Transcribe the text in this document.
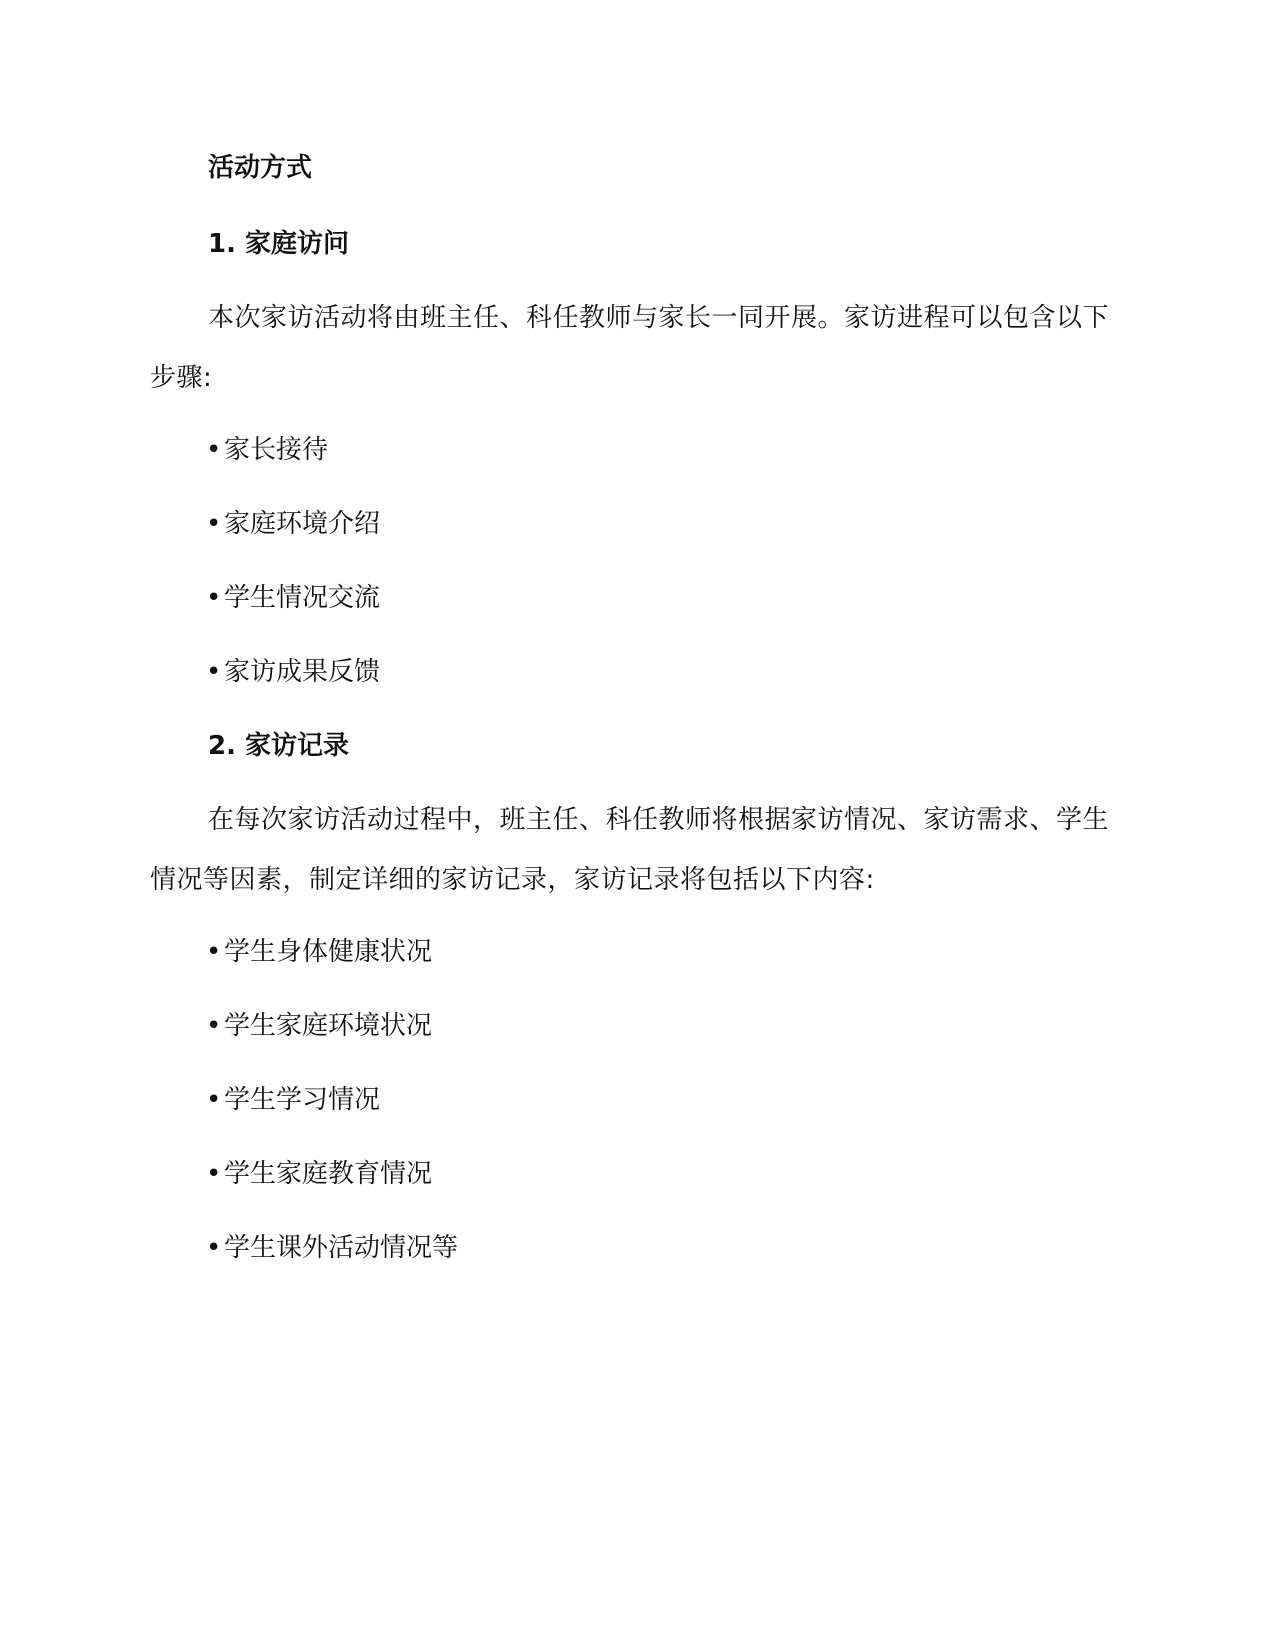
活动方式
1. 家庭访问
本次家访活动将由班主任、科任教师与家长一同开展。家访进程可以包含以下步骤:
• 家长接待
• 家庭环境介绍
• 学生情况交流
• 家访成果反馈
2. 家访记录
在每次家访活动过程中，班主任、科任教师将根据家访情况、家访需求、学生情况等因素，制定详细的家访记录，家访记录将包括以下内容:
• 学生身体健康状况
• 学生家庭环境状况
• 学生学习情况
• 学生家庭教育情况
• 学生课外活动情况等
